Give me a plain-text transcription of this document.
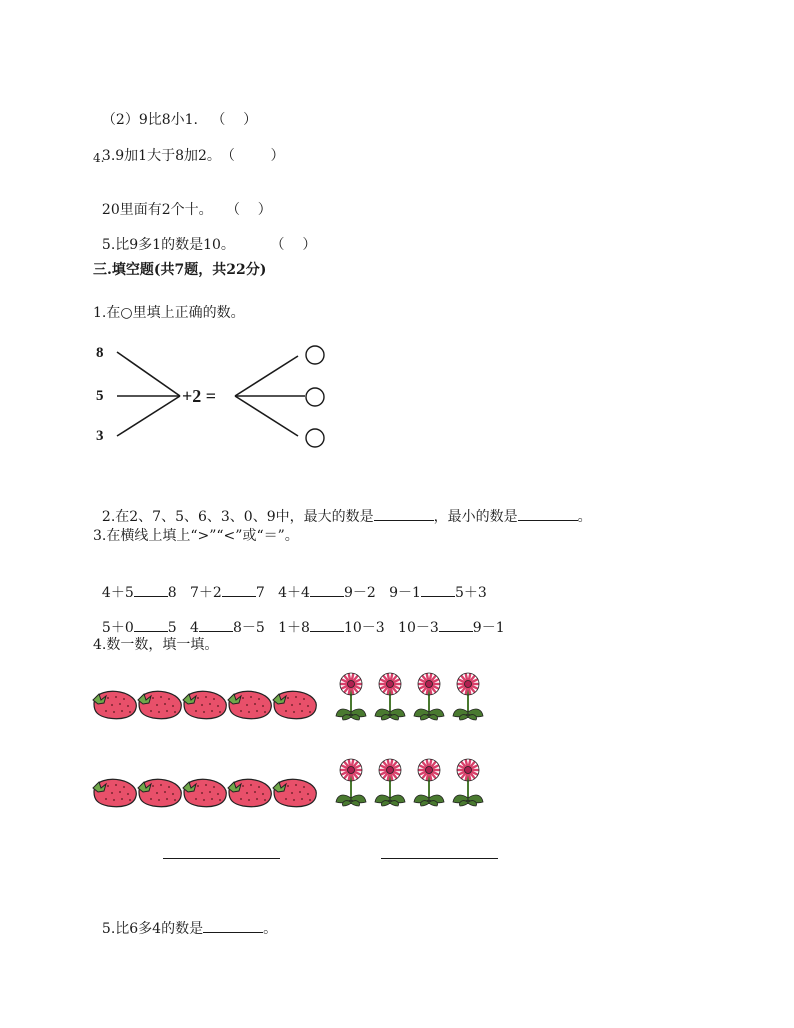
（2）9比8小1. （    ）

3.9加1大于8加2。（        ）

4.

20里面有2个十。 （    ）

5.比9多1的数是10。	（    ）

三.填空题(共7题，共22分)
1.在○里填上正确的数。
8
5
3
+2 =

2.在2、7、5、6、3、0、9中，最大的数是	，最小的数是	。

3.在横线上填上“>”“<”或“＝”。

4＋5 8 7＋2 7 4＋4 9－2 9－1 5＋3

5＋0 5 4 8－5 1＋8 10－3 10－3 9－1

4.数一数，填一填。

5.比6多4的数是	。
